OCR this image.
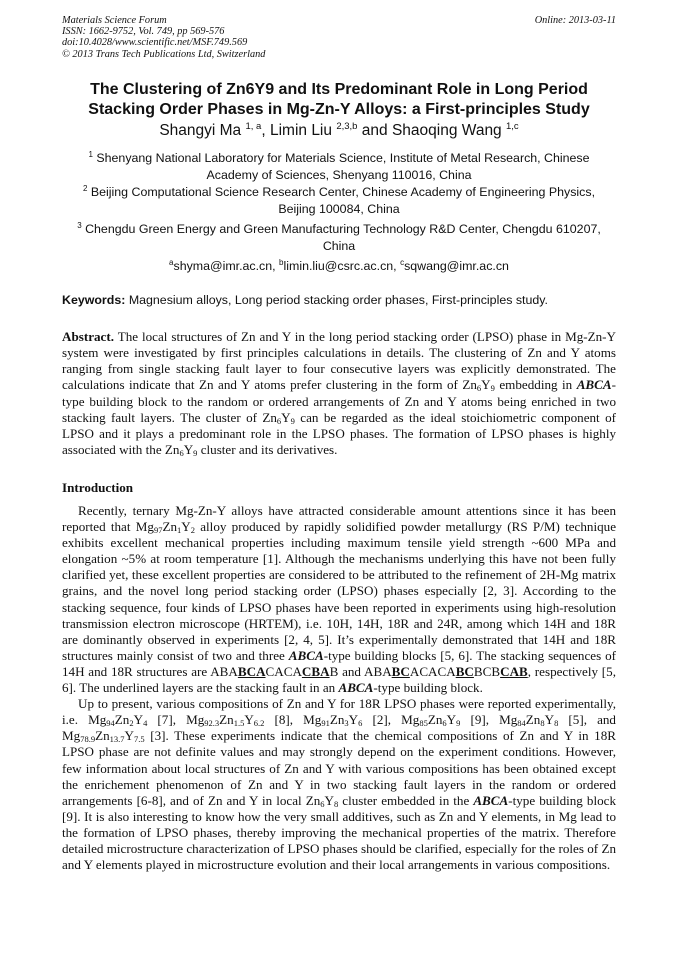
Materials Science Forum
ISSN: 1662-9752, Vol. 749, pp 569-576
doi:10.4028/www.scientific.net/MSF.749.569
© 2013 Trans Tech Publications Ltd, Switzerland
Online: 2013-03-11
The Clustering of Zn6Y9 and Its Predominant Role in Long Period Stacking Order Phases in Mg-Zn-Y Alloys: a First-principles Study
Shangyi Ma $^{1, a}$, Limin Liu $^{2,3,b}$ and Shaoqing Wang $^{1,c}$
$^1$ Shenyang National Laboratory for Materials Science, Institute of Metal Research, Chinese Academy of Sciences, Shenyang 110016, China
$^2$ Beijing Computational Science Research Center, Chinese Academy of Engineering Physics, Beijing 100084, China
$^3$ Chengdu Green Energy and Green Manufacturing Technology R&D Center, Chengdu 610207, China
$^a$shyma@imr.ac.cn, $^b$limin.liu@csrc.ac.cn, $^c$sqwang@imr.ac.cn
Keywords: Magnesium alloys, Long period stacking order phases, First-principles study.
Abstract. The local structures of Zn and Y in the long period stacking order (LPSO) phase in Mg-Zn-Y system were investigated by first principles calculations in details. The clustering of Zn and Y atoms ranging from single stacking fault layer to four consecutive layers was explicitly demonstrated. The calculations indicate that Zn and Y atoms prefer clustering in the form of $Zn_6Y_9$ embedding in ABCA-type building block to the random or ordered arrangements of Zn and Y atoms being enriched in two stacking fault layers. The cluster of $Zn_6Y_9$ can be regarded as the ideal stoichiometric component of LPSO and it plays a predominant role in the LPSO phases. The formation of LPSO phases is highly associated with the $Zn_6Y_9$ cluster and its derivatives.
Introduction

Recently, ternary Mg-Zn-Y alloys have attracted considerable amount attentions since it has been reported that $Mg_{97}Zn_1Y_2$ alloy produced by rapidly solidified powder metallurgy (RS P/M) technique exhibits excellent mechanical properties including maximum tensile yield strength ~600 MPa and elongation ~5% at room temperature [1]. Although the mechanisms underlying this have not been fully clarified yet, these excellent properties are considered to be attributed to the refinement of 2H-Mg matrix grains, and the novel long period stacking order (LPSO) phases especially [2, 3]. According to the stacking sequence, four kinds of LPSO phases have been reported in experiments using high-resolution transmission electron microscope (HRTEM), i.e. 10H, 14H, 18R and 24R, among which 14H and 18R are dominantly observed in experiments [2, 4, 5]. It’s experimentally demonstrated that 14H and 18R structures mainly consist of two and three ABCA-type building blocks [5, 6]. The stacking sequences of 14H and 18R structures are ABABCACACACBAB and ABABCACACABCBCBCAB, respectively [5, 6]. The underlined layers are the stacking fault in an ABCA-type building block.

Up to present, various compositions of Zn and Y for 18R LPSO phases were reported experimentally, i.e. $Mg_{94}Zn_2Y_4$ [7], $Mg_{92.3}Zn_{1.5}Y_{6.2}$ [8], $Mg_{91}Zn_3Y_6$ [2], $Mg_{85}Zn_6Y_9$ [9], $Mg_{84}Zn_8Y_8$ [5], and $Mg_{78.9}Zn_{13.7}Y_{7.5}$ [3]. These experiments indicate that the chemical compositions of Zn and Y in 18R LPSO phase are not definite values and may strongly depend on the experiment conditions. However, few information about local structures of Zn and Y with various compositions has been obtained except the enrichement phenomenon of Zn and Y in two stacking fault layers in the random or ordered arrangements [6-8], and of Zn and Y in local $Zn_6Y_8$ cluster embedded in the ABCA-type building block [9]. It is also interesting to know how the very small additives, such as Zn and Y elements, in Mg lead to the formation of LPSO phases, thereby improving the mechanical properties of the matrix. Therefore detailed microstructure characterization of LPSO phases should be clarified, especially for the roles of Zn and Y elements played in microstructure evolution and their local arrangements in various compositions.
